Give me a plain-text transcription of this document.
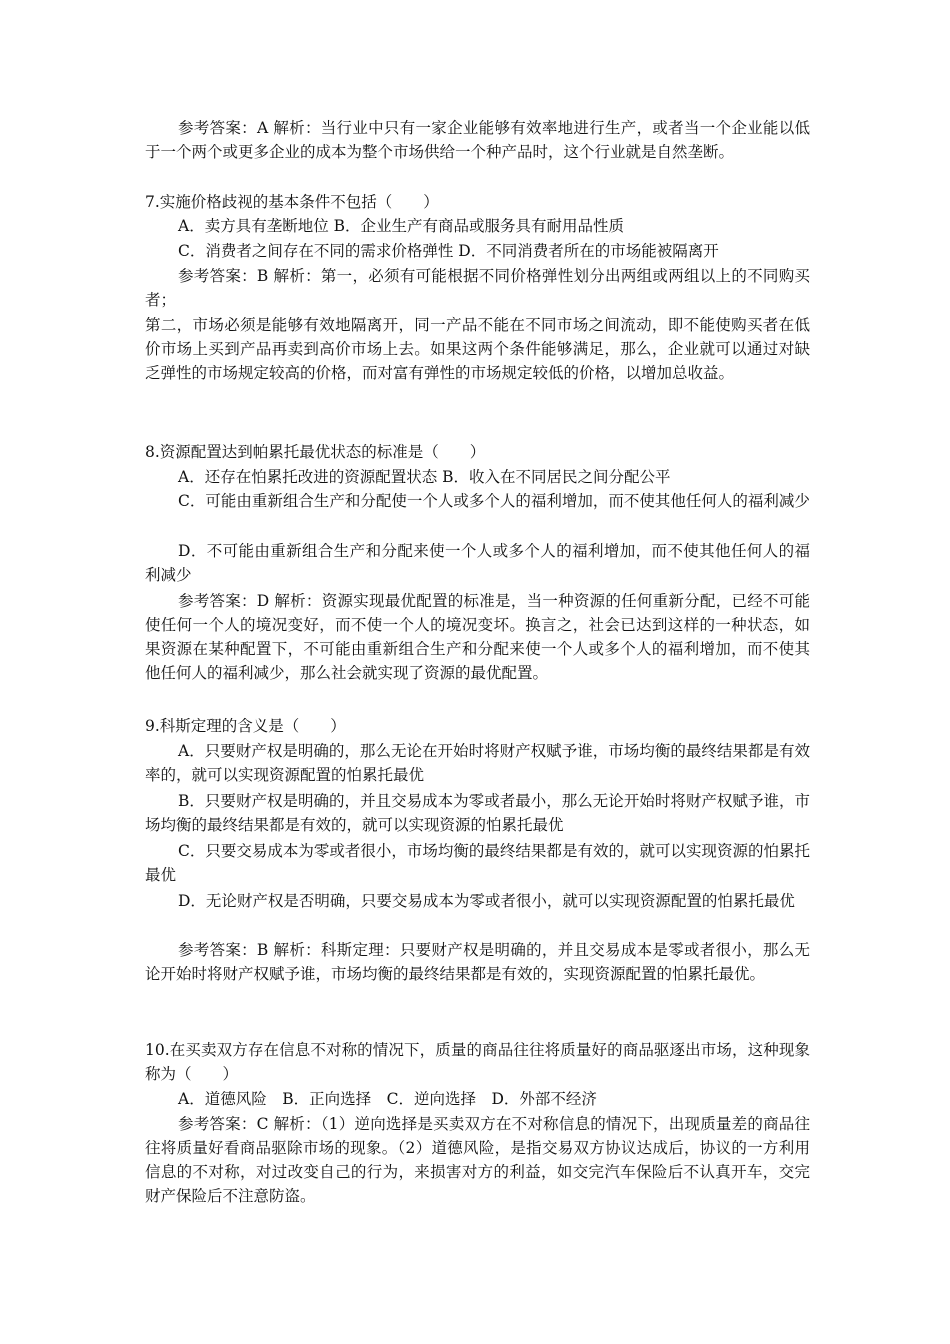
参考答案：A 解析：当行业中只有一家企业能够有效率地进行生产，或者当一个企业能以低于一个两个或更多企业的成本为整个市场供给一个种产品时，这个行业就是自然垄断。

7.实施价格歧视的基本条件不包括（　　）

A．卖方具有垄断地位 B．企业生产有商品或服务具有耐用品性质

C．消费者之间存在不同的需求价格弹性 D．不同消费者所在的市场能被隔离开

参考答案：B 解析：第一，必须有可能根据不同价格弹性划分出两组或两组以上的不同购买者；

第二，市场必须是能够有效地隔离开，同一产品不能在不同市场之间流动，即不能使购买者在低价市场上买到产品再卖到高价市场上去。如果这两个条件能够满足，那么，企业就可以通过对缺乏弹性的市场规定较高的价格，而对富有弹性的市场规定较低的价格，以增加总收益。

8.资源配置达到帕累托最优状态的标准是（　　）

A．还存在怕累托改进的资源配置状态 B．收入在不同居民之间分配公平

C．可能由重新组合生产和分配使一个人或多个人的福利增加，而不使其他任何人的福利减少

D．不可能由重新组合生产和分配来使一个人或多个人的福利增加，而不使其他任何人的福利减少

参考答案：D 解析：资源实现最优配置的标准是，当一种资源的任何重新分配，已经不可能使任何一个人的境况变好，而不使一个人的境况变坏。换言之，社会已达到这样的一种状态，如果资源在某种配置下，不可能由重新组合生产和分配来使一个人或多个人的福利增加，而不使其他任何人的福利减少，那么社会就实现了资源的最优配置。

9.科斯定理的含义是（　　）

A．只要财产权是明确的，那么无论在开始时将财产权赋予谁，市场均衡的最终结果都是有效率的，就可以实现资源配置的怕累托最优

B．只要财产权是明确的，并且交易成本为零或者最小，那么无论开始时将财产权赋予谁，市场均衡的最终结果都是有效的，就可以实现资源的怕累托最优

C．只要交易成本为零或者很小，市场均衡的最终结果都是有效的，就可以实现资源的怕累托最优

D．无论财产权是否明确，只要交易成本为零或者很小，就可以实现资源配置的怕累托最优

参考答案：B 解析：科斯定理：只要财产权是明确的，并且交易成本是零或者很小，那么无论开始时将财产权赋予谁，市场均衡的最终结果都是有效的，实现资源配置的怕累托最优。

10.在买卖双方存在信息不对称的情况下，质量的商品往往将质量好的商品驱逐出市场，这种现象称为（　　）

A．道德风险　B．正向选择　C．逆向选择　D．外部不经济

参考答案：C 解析：（1）逆向选择是买卖双方在不对称信息的情况下，出现质量差的商品往往将质量好看商品驱除市场的现象。（2）道德风险，是指交易双方协议达成后，协议的一方利用信息的不对称，对过改变自己的行为，来损害对方的利益，如交完汽车保险后不认真开车，交完财产保险后不注意防盗。
